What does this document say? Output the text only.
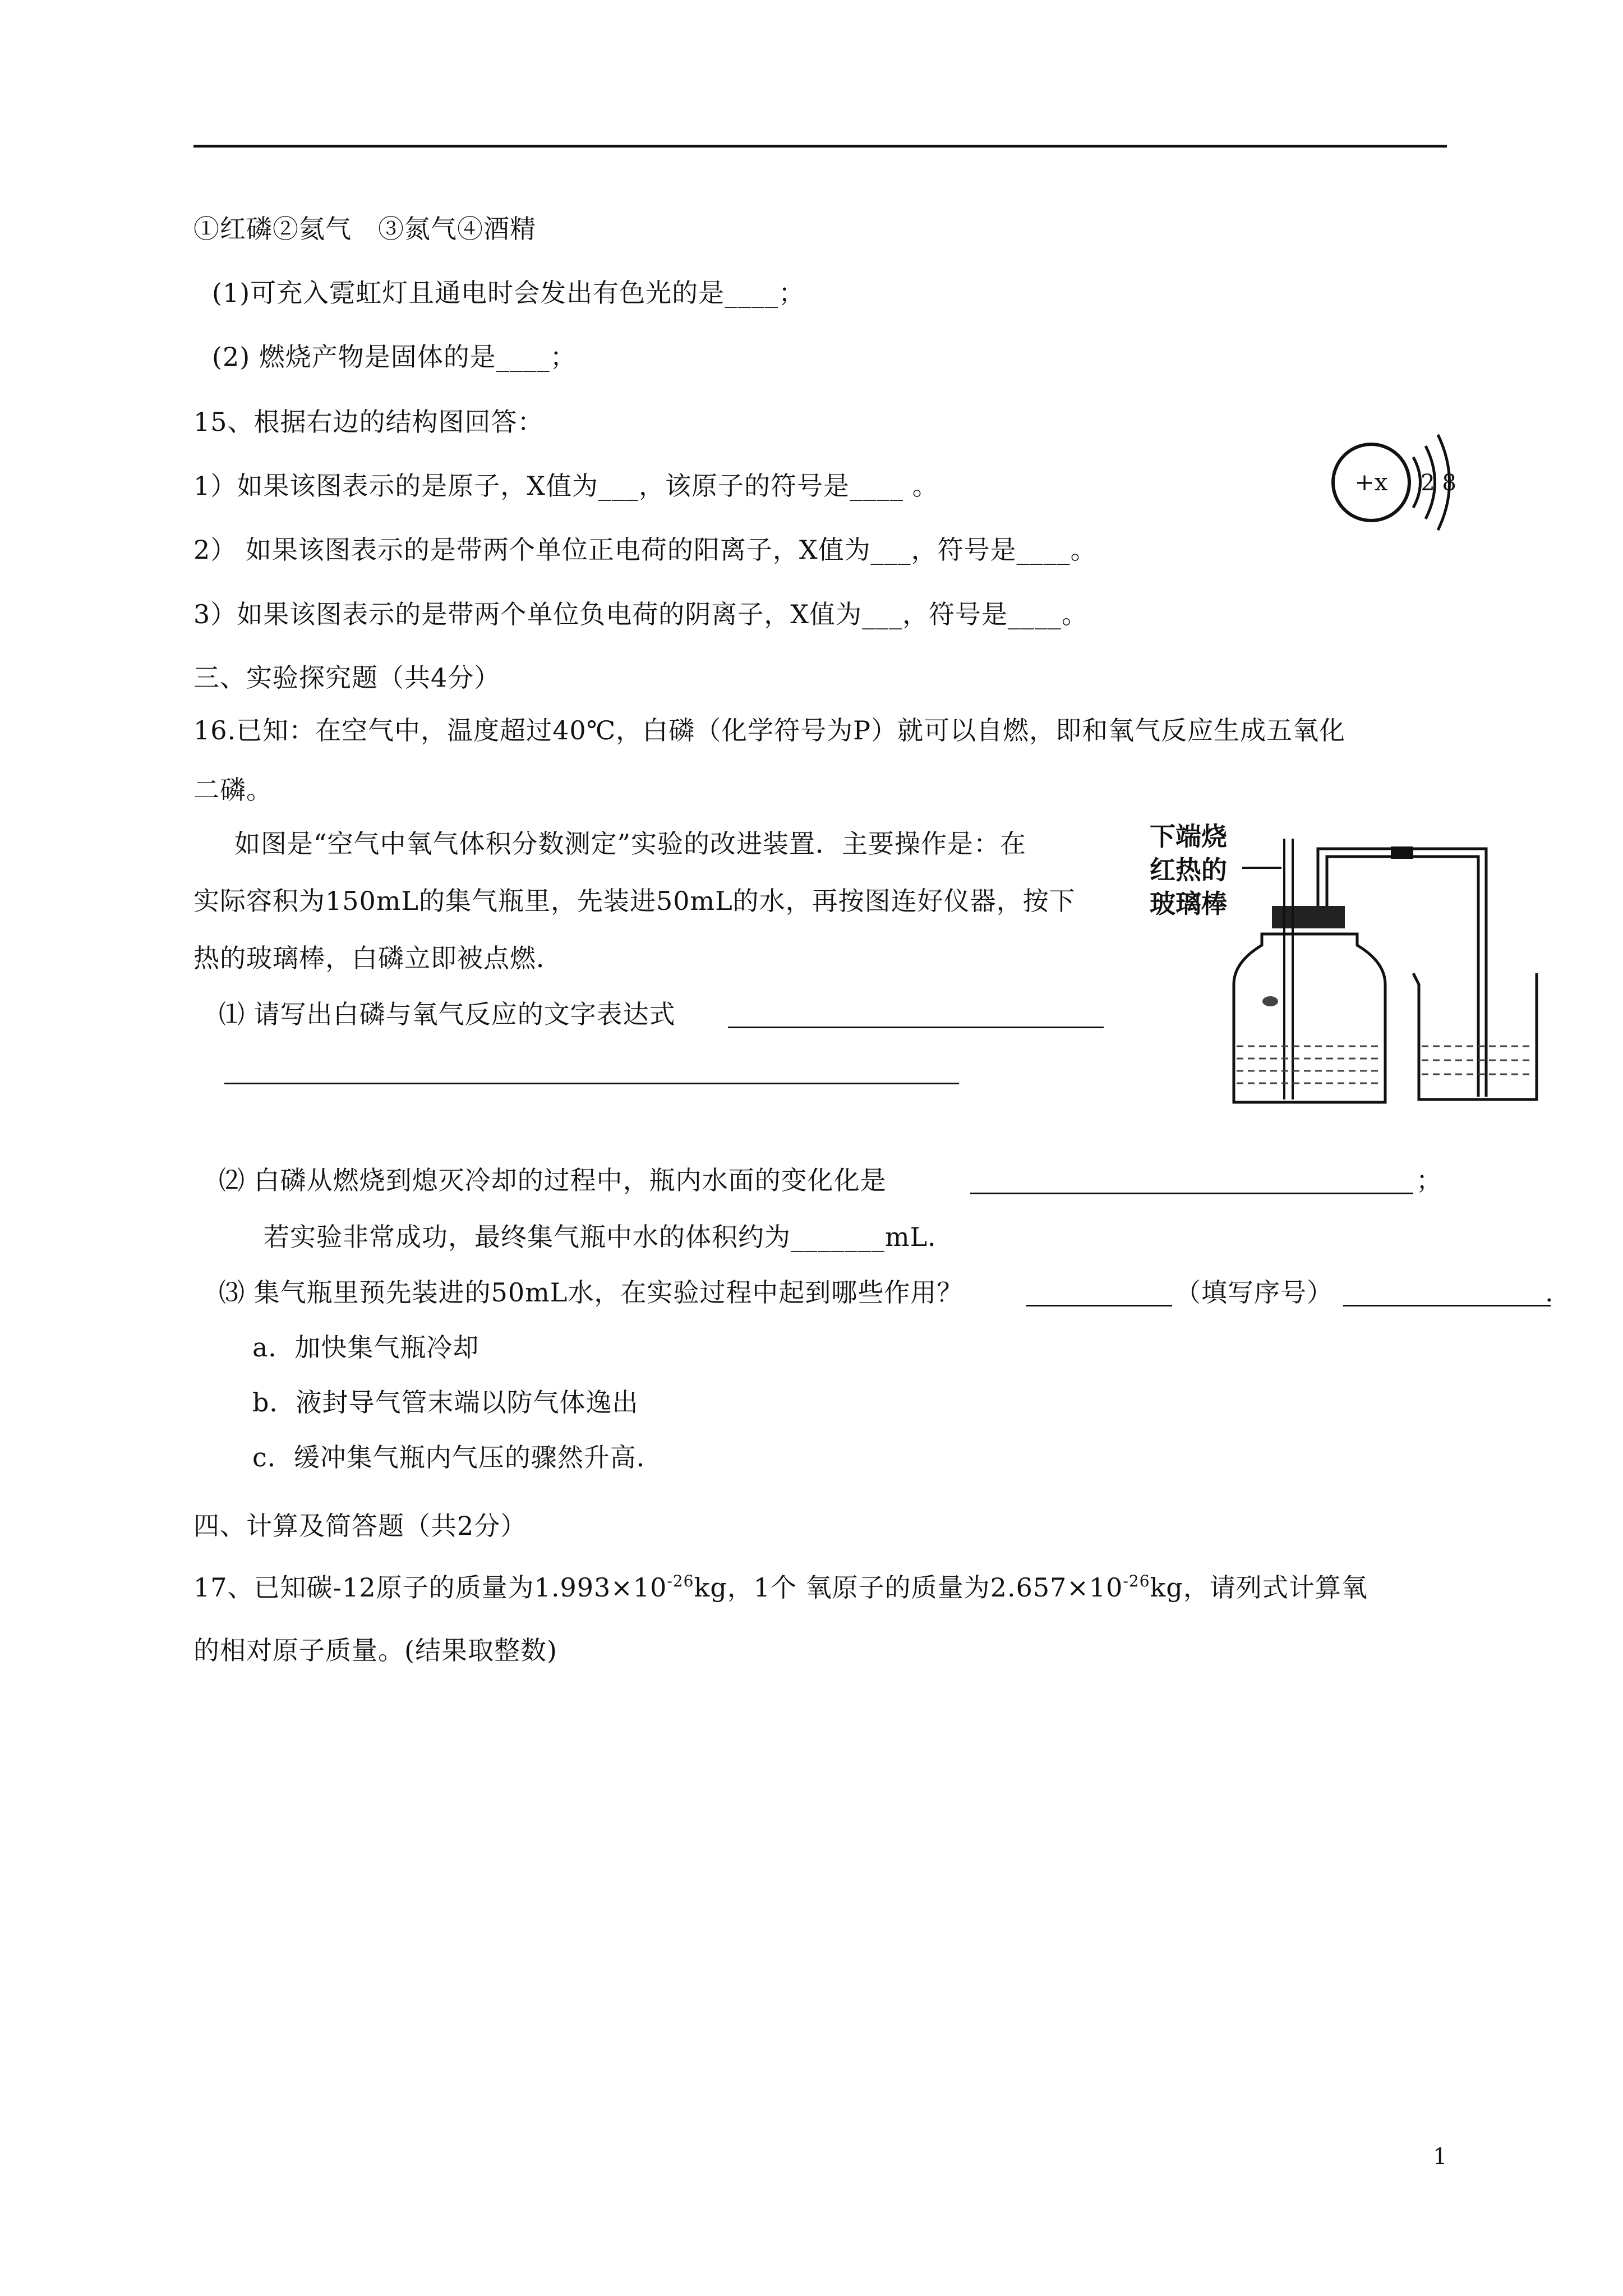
①红磷②氦气　③氮气④酒精
(1)可充入霓虹灯且通电时会发出有色光的是____；
(2) 燃烧产物是固体的是____；
15、根据右边的结构图回答：
1）如果该图表示的是原子，X值为___，该原子的符号是____ 。
2） 如果该图表示的是带两个单位正电荷的阳离子，X值为___，符号是____。
3）如果该图表示的是带两个单位负电荷的阴离子，X值为___，符号是____。
+x 2 8
三、实验探究题（共4分）
16.已知：在空气中，温度超过40℃，白磷（化学符号为P）就可以自燃，即和氧气反应生成五氧化
二磷。
如图是“空气中氧气体积分数测定”实验的改进装置．主要操作是：在
实际容积为150mL的集气瓶里，先装进50mL的水，再按图连好仪器，按下
热的玻璃棒，白磷立即被点燃．
下端烧
红热的
玻璃棒
⑴ 请写出白磷与氧气反应的文字表达式
⑵ 白磷从燃烧到熄灭冷却的过程中，瓶内水面的变化化是	；
若实验非常成功，最终集气瓶中水的体积约为_______mL．
⑶ 集气瓶里预先装进的50mL水，在实验过程中起到哪些作用？	（填写序号）	.
a．加快集气瓶冷却
b．液封导气管末端以防气体逸出
c．缓冲集气瓶内气压的骤然升高．
四、计算及简答题（共2分）
17、已知碳-12原子的质量为$1.993\times 10^{-26}kg$，1个 氧原子的质量为$2.657\times 10^{-26}kg$，请列式计算氧
的相对原子质量。(结果取整数)
1
